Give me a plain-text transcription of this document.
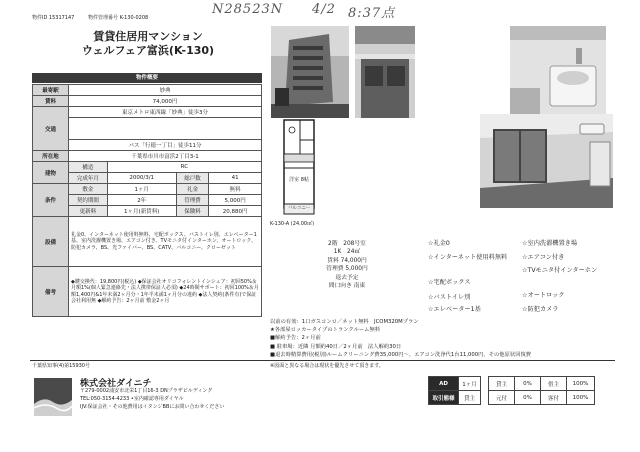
N28523N 4/2 8:37点
物件ID 15317147	物件管理番号 K-130-0208
賃貸住居用マンション
ウェルフェア富浜(K-130)
物件概要
最寄駅	妙典			
賃料	74,000円			
交通	東京メトロ東西線「妙典」徒歩3分			

	バス「行徳一丁目」徒歩11分			
所在地	千葉県市川市富浜2丁目3-1			
建物	構造	RC		
	完成年月	2000/3/1	総戸数	41
条件	敷金	1ヶ月	礼金	無料
	契約期間	2年	管理費	5,000円
	更新料	1ヶ月(新賃料)	保険料	20,880円
設備	礼金0、インターネット使用料無料、宅配ボックス、バストイレ別、エレベーター1基、室内洗濯機置き場、エアコン付き、TVモニタ付インターホン、オートロック、防犯カメラ、BS、光ファイバー、BS、CATV、バルコニー、クローゼット			
備考	◆鍵交換代：19,800円(税込) ◆保証会社オリコフォレントインシュア：初回50%＆月額1%(個人緊急連絡先・法人携帯保証人必須) ◆24時間サポート：初回100%＆月額1,400円&1年未満2ヶ月分・1年半未満1ヶ月分の違約 ◆法人契約(条件有)で保証会社利用無 ◆解約予告：2ヶ月前 敷金2ヶ月			
洋室 8帖
バルコニー
K-130-A (24.00㎡)
2階　208号室
1K　24㎡
賃料 74,000円
管理費 5,000円
退去予定
間口向き 南東
☆礼金0	☆室内洗濯機置き場
☆インターネット使用料無料	☆エアコン付き
☆宅配ボックス
☆TVモニタ付インターホン
☆バストイレ別	☆オートロック
☆エレベーター1基	☆防犯カメラ
以前の有効：1口ガスコンロ／ネット無料　JCOM320Mプラン
★各部屋ロッカータイプのトランクルーム無料
■解約予告：2ヶ月前
■ 駐車場：近隣 月額約40日／2ヶ月前　法人解約30日
■退去時精算費用(税別)ルームクリーニング費35,000円〜、エアコン洗浄代1台11,000円、その他原状回復費
千葉県知事(4)第15930号	※図面と異なる場合は現状を優先させて頂きます。
株式会社ダイニチ
〒279-0002浦安市北栄1丁目16-3 DNプラザビルディング
TEL:050-3154-4233 •室内確認専用ダイヤル
IJV:保証会社・その他費用はイタンジBBにお問い合わせください
AD	1ヶ月		貸主	0%	借主	100%
取引態様	貸主		元付	0%	客付	100%
